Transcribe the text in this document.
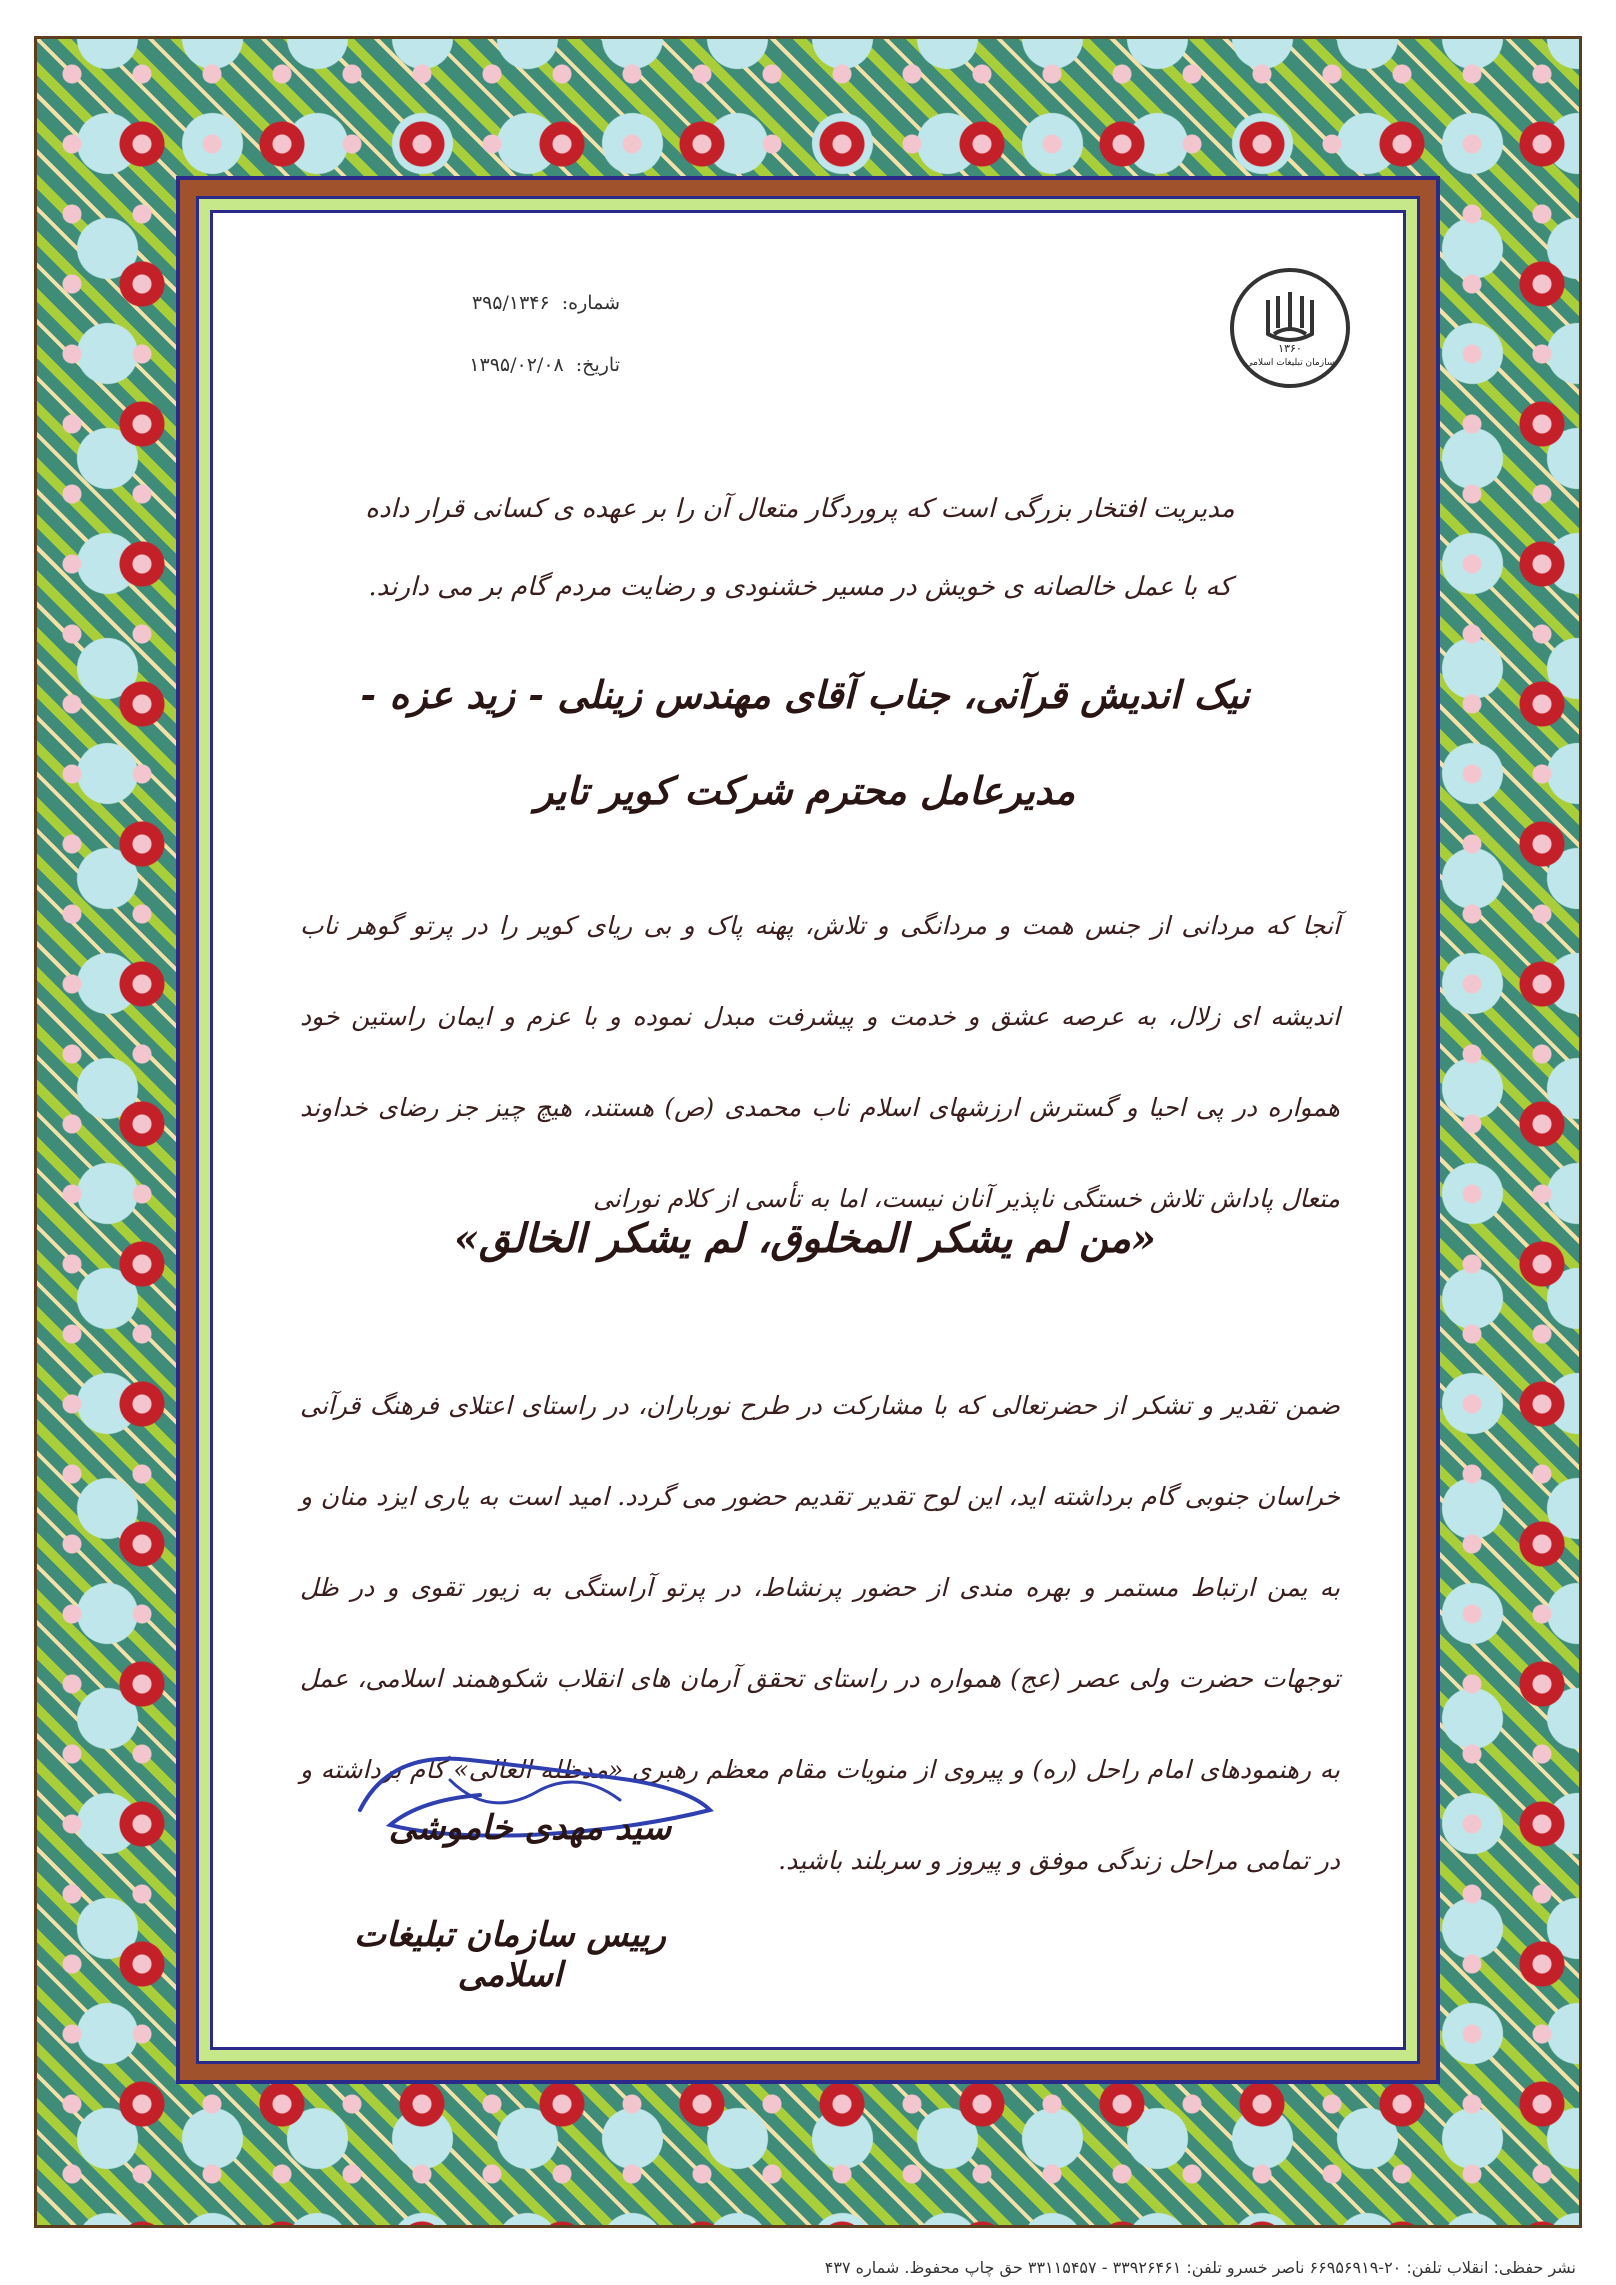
۱۳۶۰
سازمان تبلیغات اسلامی
شماره: ۳۹۵/۱۳۴۶
تاریخ: ۱۳۹۵/۰۲/۰۸
مدیریت افتخار بزرگی است که پروردگار متعال آن را بر عهده ی کسانی قرار داده که با عمل خالصانه ی خویش در مسیر خشنودی و رضایت مردم گام بر می دارند.
نیک اندیش قرآنی، جناب آقای مهندس زینلی - زید عزه -
مدیرعامل محترم شرکت کویر تایر
آنجا که مردانی از جنس همت و مردانگی و تلاش، پهنه پاک و بی ریای کویر را در پرتو گوهر ناب اندیشه ای زلال، به عرصه عشق و خدمت و پیشرفت مبدل نموده و با عزم و ایمان راستین خود همواره در پی احیا و گسترش ارزشهای اسلام ناب محمدی (ص) هستند، هیچ چیز جز رضای خداوند متعال پاداش تلاش خستگی ناپذیر آنان نیست، اما به تأسی از کلام نورانی
«من لم یشکر المخلوق، لم یشکر الخالق»
ضمن تقدیر و تشکر از حضرتعالی که با مشارکت در طرح نورباران، در راستای اعتلای فرهنگ قرآنی خراسان جنوبی گام برداشته اید، این لوح تقدیر تقدیم حضور می گردد. امید است به یاری ایزد منان و به یمن ارتباط مستمر و بهره مندی از حضور پرنشاط، در پرتو آراستگی به زیور تقوی و در ظل توجهات حضرت ولی عصر (عج) همواره در راستای تحقق آرمان های انقلاب شکوهمند اسلامی، عمل به رهنمودهای امام راحل (ره) و پیروی از منویات مقام معظم رهبری «مدظله العالی» گام برداشته و در تمامی مراحل زندگی موفق و پیروز و سربلند باشید.
سید مهدی خاموشی
رییس سازمان تبلیغات اسلامی
نشر حفظی: انقلاب تلفن: ۲۰-۶۶۹۵۶۹۱۹ ناصر خسرو تلفن: ۳۳۹۲۶۴۶۱ - ۳۳۱۱۵۴۵۷ حق چاپ محفوظ. شماره ۴۳۷
